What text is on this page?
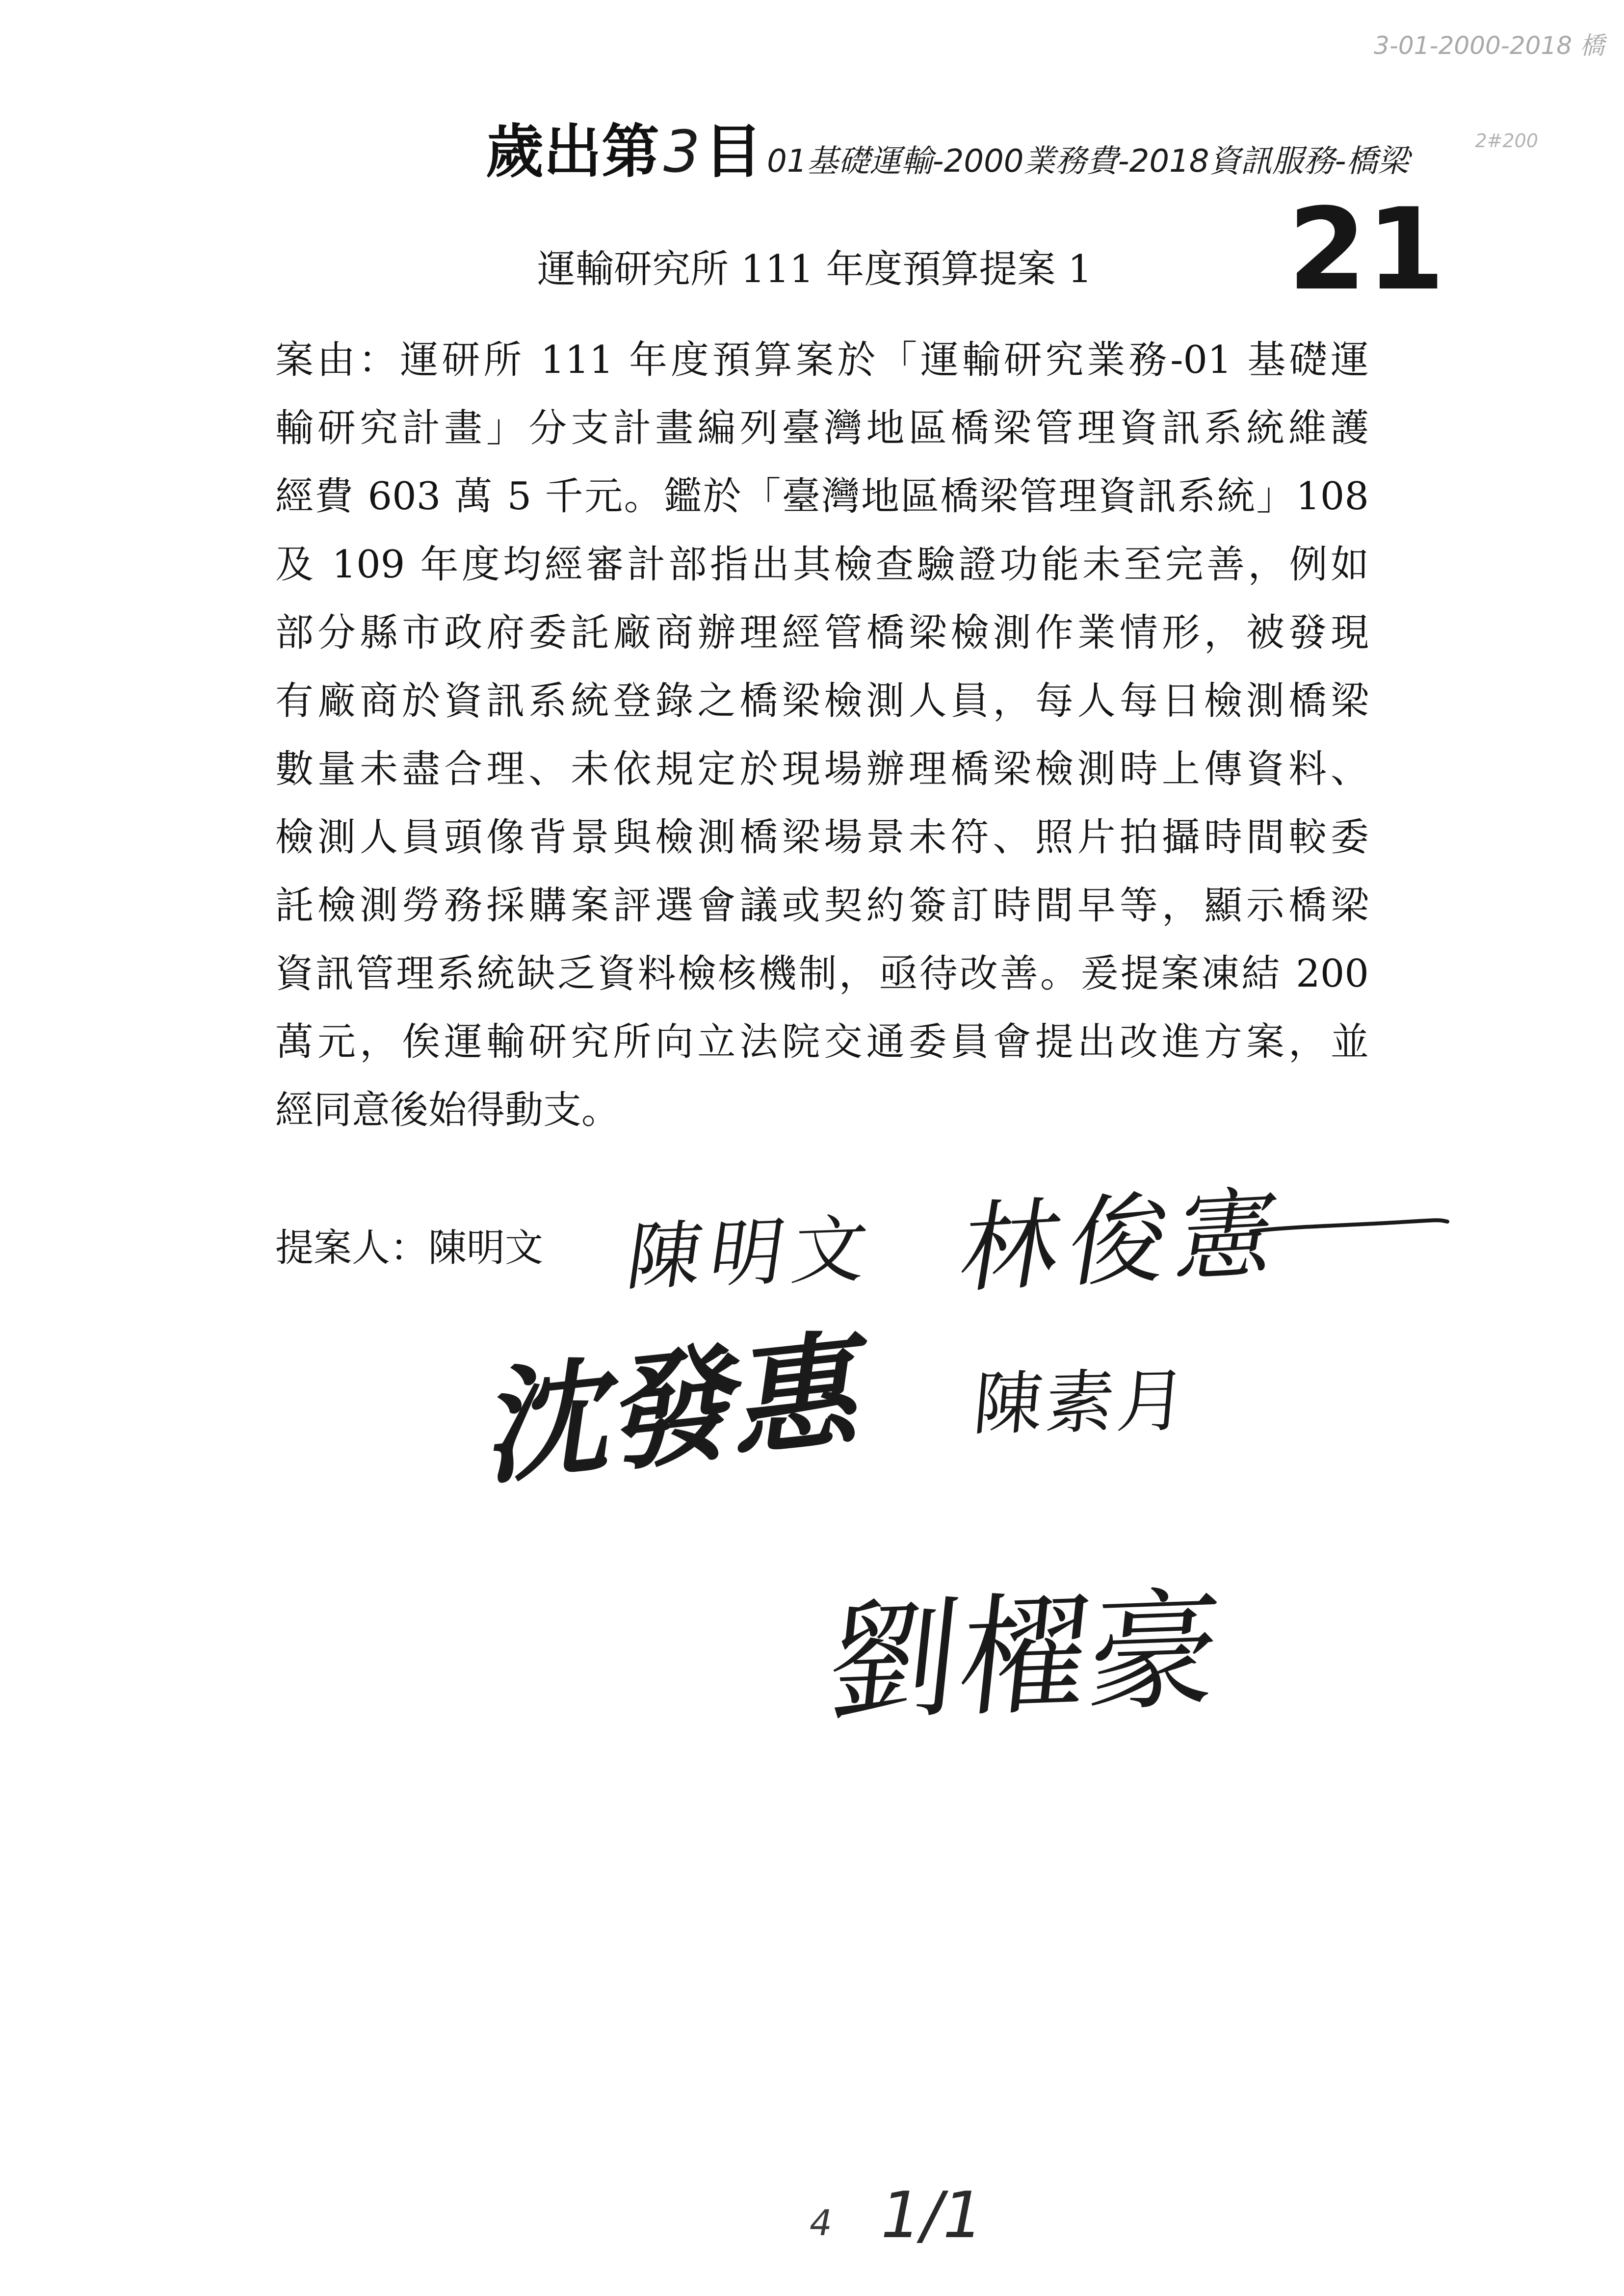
3-01-2000-2018 橋
2#200
歲出第 3 目 01基礎運輸-2000業務費-2018資訊服務-橋梁
21
運輸研究所 111 年度預算提案 1
案由：運研所 111 年度預算案於「運輸研究業務-01 基礎運
輸研究計畫」分支計畫編列臺灣地區橋梁管理資訊系統維護
經費 603 萬 5 千元。鑑於「臺灣地區橋梁管理資訊系統」108
及 109 年度均經審計部指出其檢查驗證功能未至完善，例如
部分縣市政府委託廠商辦理經管橋梁檢測作業情形，被發現
有廠商於資訊系統登錄之橋梁檢測人員，每人每日檢測橋梁
數量未盡合理、未依規定於現場辦理橋梁檢測時上傳資料、
檢測人員頭像背景與檢測橋梁場景未符、照片拍攝時間較委
託檢測勞務採購案評選會議或契約簽訂時間早等，顯示橋梁
資訊管理系統缺乏資料檢核機制，亟待改善。爰提案凍結 200
萬元，俟運輸研究所向立法院交通委員會提出改進方案，並
經同意後始得動支。
提案人：陳明文 陳明文 林俊憲
沈發惠 陳素月
劉櫂豪
4 1/1
